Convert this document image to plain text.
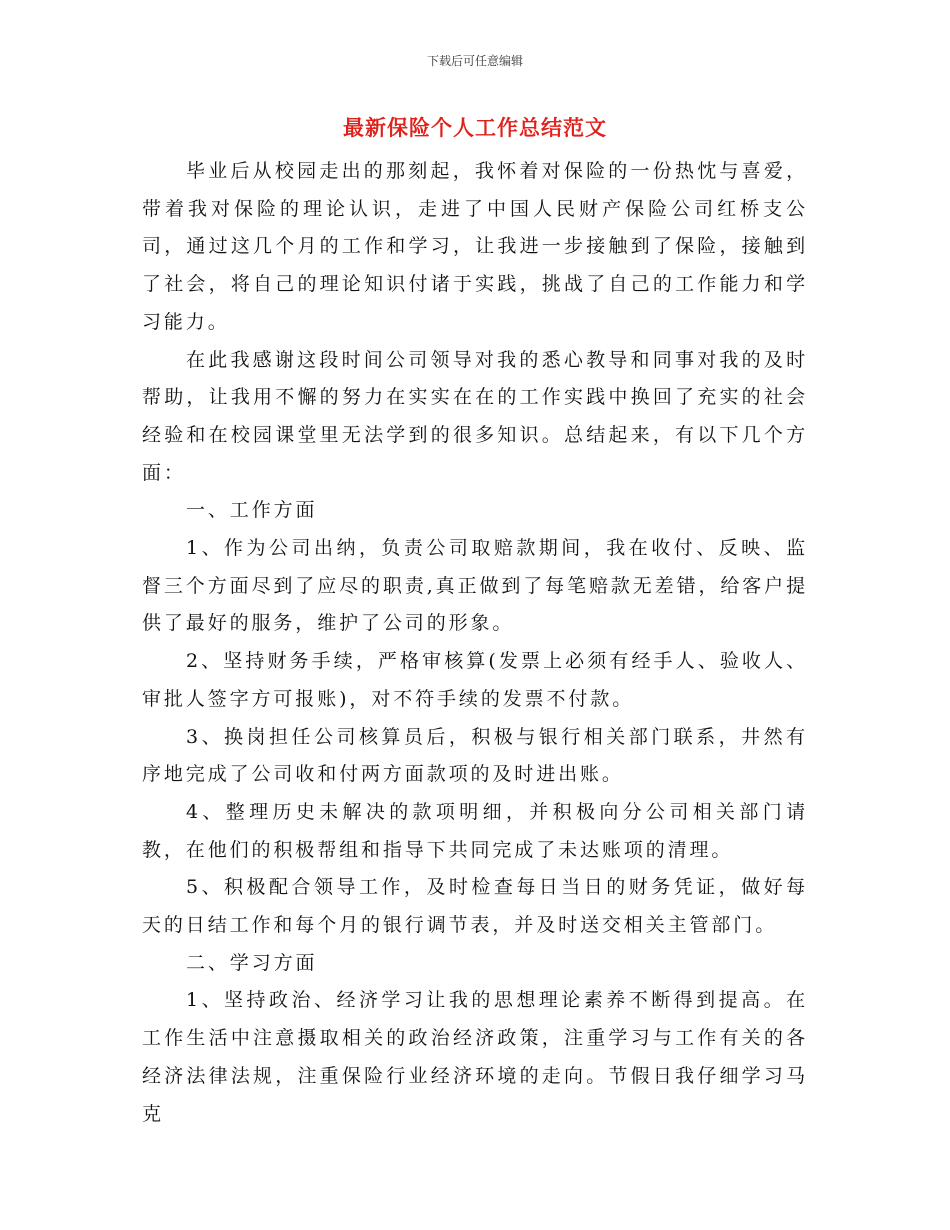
下载后可任意编辑
最新保险个人工作总结范文

毕业后从校园走出的那刻起，我怀着对保险的一份热忱与喜爱，带着我对保险的理论认识，走进了中国人民财产保险公司红桥支公司，通过这几个月的工作和学习，让我进一步接触到了保险，接触到了社会，将自己的理论知识付诸于实践，挑战了自己的工作能力和学习能力。

在此我感谢这段时间公司领导对我的悉心教导和同事对我的及时帮助，让我用不懈的努力在实实在在的工作实践中换回了充实的社会经验和在校园课堂里无法学到的很多知识。总结起来，有以下几个方面：

一、工作方面

1、作为公司出纳，负责公司取赔款期间，我在收付、反映、监督三个方面尽到了应尽的职责,真正做到了每笔赔款无差错，给客户提供了最好的服务，维护了公司的形象。

2、坚持财务手续，严格审核算(发票上必须有经手人、验收人、审批人签字方可报账)，对不符手续的发票不付款。

3、换岗担任公司核算员后，积极与银行相关部门联系，井然有序地完成了公司收和付两方面款项的及时进出账。

4、整理历史未解决的款项明细，并积极向分公司相关部门请教，在他们的积极帮组和指导下共同完成了未达账项的清理。

5、积极配合领导工作，及时检查每日当日的财务凭证，做好每天的日结工作和每个月的银行调节表，并及时送交相关主管部门。

二、学习方面

1、坚持政治、经济学习让我的思想理论素养不断得到提高。在工作生活中注意摄取相关的政治经济政策，注重学习与工作有关的各经济法律法规，注重保险行业经济环境的走向。节假日我仔细学习马克
